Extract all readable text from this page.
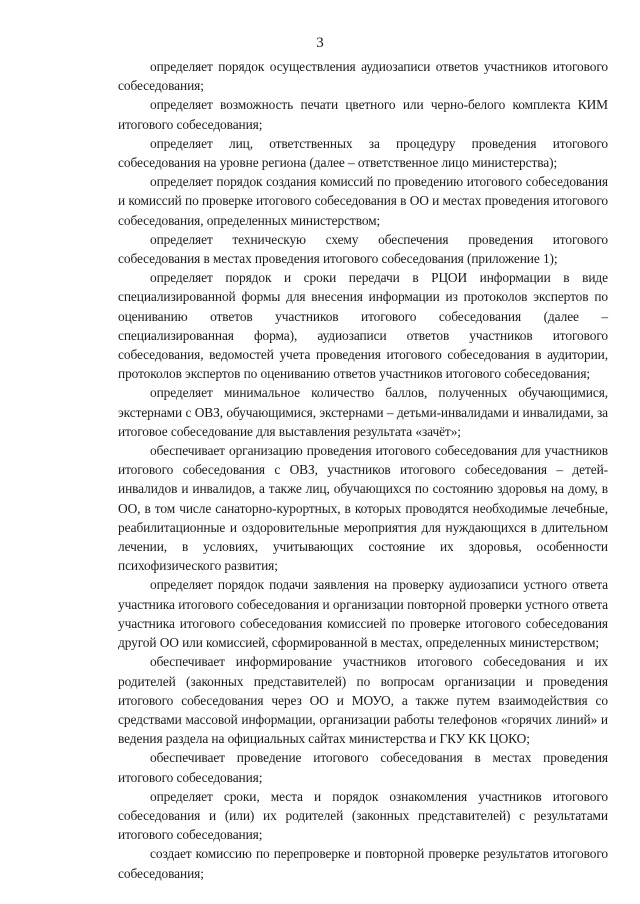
3

определяет порядок осуществления аудиозаписи ответов участников итогового собеседования;

определяет возможность печати цветного или черно-белого комплекта КИМ итогового собеседования;

определяет лиц, ответственных за процедуру проведения итогового собеседования на уровне региона (далее – ответственное лицо министерства);

определяет порядок создания комиссий по проведению итогового собеседования и комиссий по проверке итогового собеседования в ОО и местах проведения итогового собеседования, определенных министерством;

определяет техническую схему обеспечения проведения итогового собеседования в местах проведения итогового собеседования (приложение 1);

определяет порядок и сроки передачи в РЦОИ информации в виде специализированной формы для внесения информации из протоколов экспертов по оцениванию ответов участников итогового собеседования (далее – специализированная форма), аудиозаписи ответов участников итогового собеседования, ведомостей учета проведения итогового собеседования в аудитории, протоколов экспертов по оцениванию ответов участников итогового собеседования;

определяет минимальное количество баллов, полученных обучающимися, экстернами с ОВЗ, обучающимися, экстернами – детьми-инвалидами и инвалидами, за итоговое собеседование для выставления результата «зачёт»;

обеспечивает организацию проведения итогового собеседования для участников итогового собеседования с ОВЗ, участников итогового собеседования – детей-инвалидов и инвалидов, а также лиц, обучающихся по состоянию здоровья на дому, в ОО, в том числе санаторно-курортных, в которых проводятся необходимые лечебные, реабилитационные и оздоровительные мероприятия для нуждающихся в длительном лечении, в условиях, учитывающих состояние их здоровья, особенности психофизического развития;

определяет порядок подачи заявления на проверку аудиозаписи устного ответа участника итогового собеседования и организации повторной проверки устного ответа участника итогового собеседования комиссией по проверке итогового собеседования другой ОО или комиссией, сформированной в местах, определенных министерством;

обеспечивает информирование участников итогового собеседования и их родителей (законных представителей) по вопросам организации и проведения итогового собеседования через ОО и МОУО, а также путем взаимодействия со средствами массовой информации, организации работы телефонов «горячих линий» и ведения раздела на официальных сайтах министерства и ГКУ КК ЦОКО;

обеспечивает проведение итогового собеседования в местах проведения итогового собеседования;

определяет сроки, места и порядок ознакомления участников итогового собеседования и (или) их родителей (законных представителей) с результатами итогового собеседования;

создает комиссию по перепроверке и повторной проверке результатов итогового собеседования;
